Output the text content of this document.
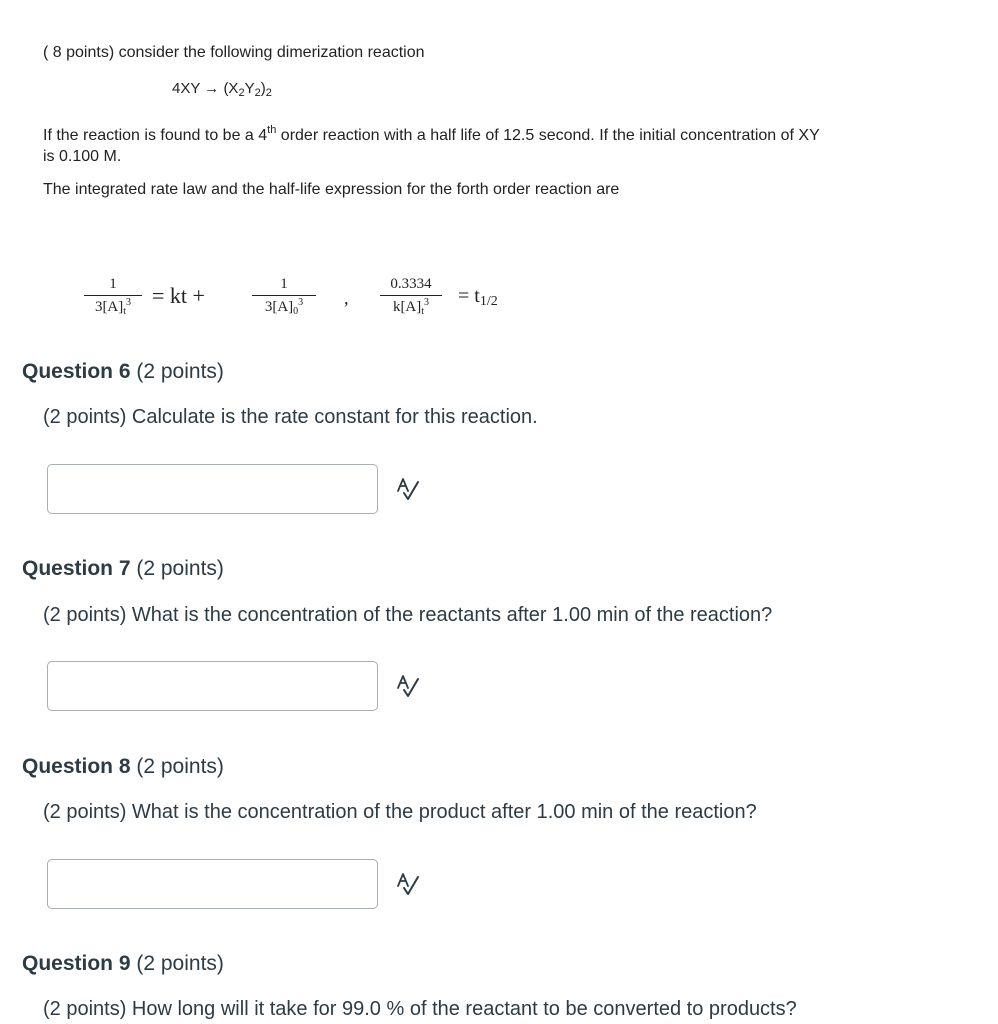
( 8 points) consider the following dimerization reaction
$4XY \to (X_2Y_2)_2$
If the reaction is found to be a 4th order reaction with a half life of 12.5 second. If the initial concentration of XY
is 0.100 M.
The integrated rate law and the half-life expression for the forth order reaction are
1
$3[A]_t^3$ = kt +	1
$3[A]_0^3$	,
0.3334
$k[A]_t^3$	= $t_{1/2}$
Question 6 (2 points)
(2 points) Calculate is the rate constant for this reaction.
Question 7 (2 points)
(2 points) What is the concentration of the reactants after 1.00 min of the reaction?
Question 8 (2 points)
(2 points) What is the concentration of the product after 1.00 min of the reaction?
Question 9 (2 points)
(2 points) How long will it take for 99.0 % of the reactant to be converted to products?
